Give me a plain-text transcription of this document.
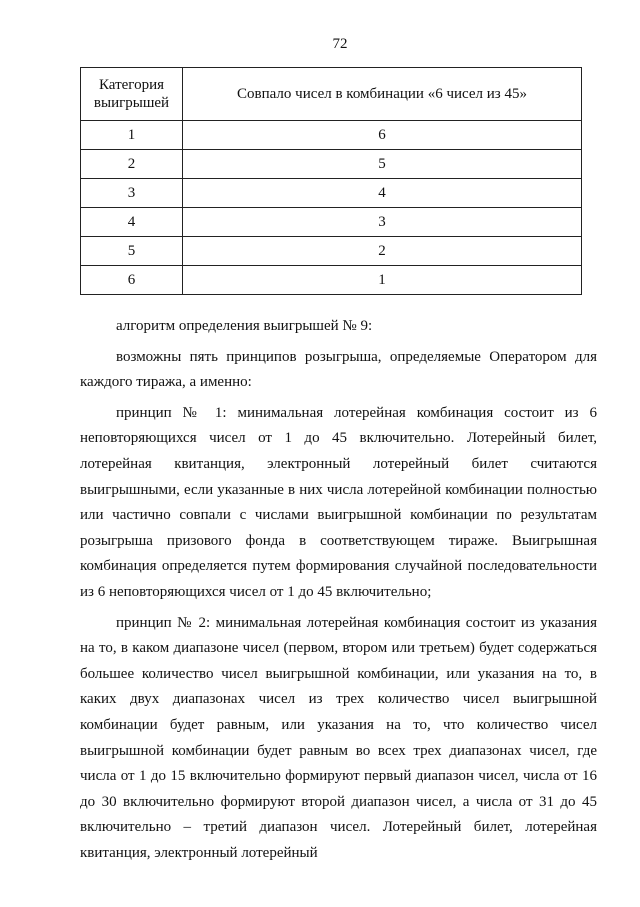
72
Категория выигрышей	Совпало чисел в комбинации «6 чисел из 45»
1	6
2	5
3	4
4	3
5	2
6	1

алгоритм определения выигрышей № 9:

возможны пять принципов розыгрыша, определяемые Оператором для каждого тиража, а именно:

принцип № 1: минимальная лотерейная комбинация состоит из 6 неповторяющихся чисел от 1 до 45 включительно. Лотерейный билет, лотерейная квитанция, электронный лотерейный билет считаются выигрышными, если указанные в них числа лотерейной комбинации полностью или частично совпали с числами выигрышной комбинации по результатам розыгрыша призового фонда в соответствующем тираже. Выигрышная комбинация определяется путем формирования случайной последовательности из 6 неповторяющихся чисел от 1 до 45 включительно;

принцип № 2: минимальная лотерейная комбинация состоит из указания на то, в каком диапазоне чисел (первом, втором или третьем) будет содержаться большее количество чисел выигрышной комбинации, или указания на то, в каких двух диапазонах чисел из трех количество чисел выигрышной комбинации будет равным, или указания на то, что количество чисел выигрышной комбинации будет равным во всех трех диапазонах чисел, где числа от 1 до 15 включительно формируют первый диапазон чисел, числа от 16 до 30 включительно формируют второй диапазон чисел, а числа от 31 до 45 включительно – третий диапазон чисел. Лотерейный билет, лотерейная квитанция, электронный лотерейный
